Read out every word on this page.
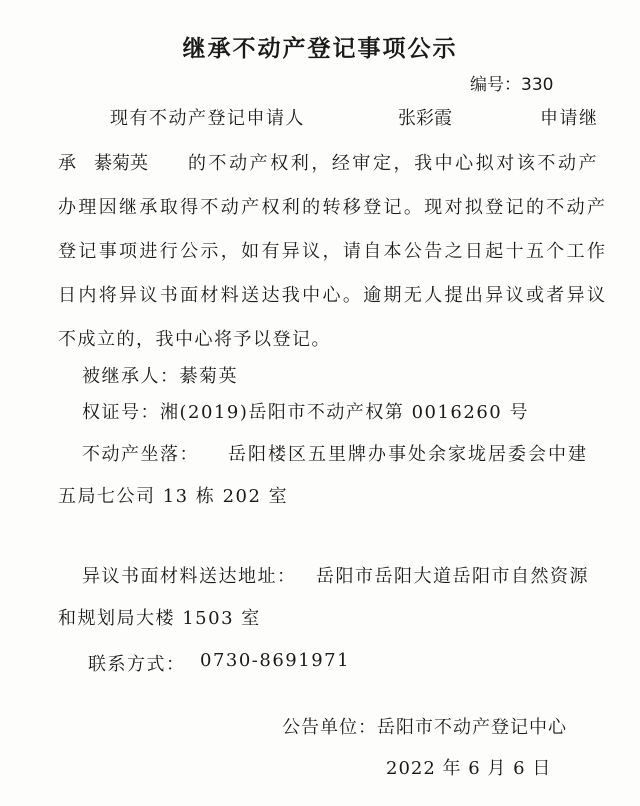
继承不动产登记事项公示
编号：330
现有不动产登记申请人	张彩霞	申请继
承 綦菊英 的不动产权利，经审定，我中心拟对该不动产
办理因继承取得不动产权利的转移登记。现对拟登记的不动产
登记事项进行公示，如有异议，请自本公告之日起十五个工作
日内将异议书面材料送达我中心。逾期无人提出异议或者异议
不成立的，我中心将予以登记。
被继承人：綦菊英
权证号：湘(2019)岳阳市不动产权第 0016260 号
不动产坐落： 岳阳楼区五里牌办事处余家垅居委会中建
五局七公司 13 栋 202 室
异议书面材料送达地址： 岳阳市岳阳大道岳阳市自然资源
和规划局大楼 1503 室
联系方式： 0730-8691971
公告单位：岳阳市不动产登记中心
2022 年 6 月 6 日
